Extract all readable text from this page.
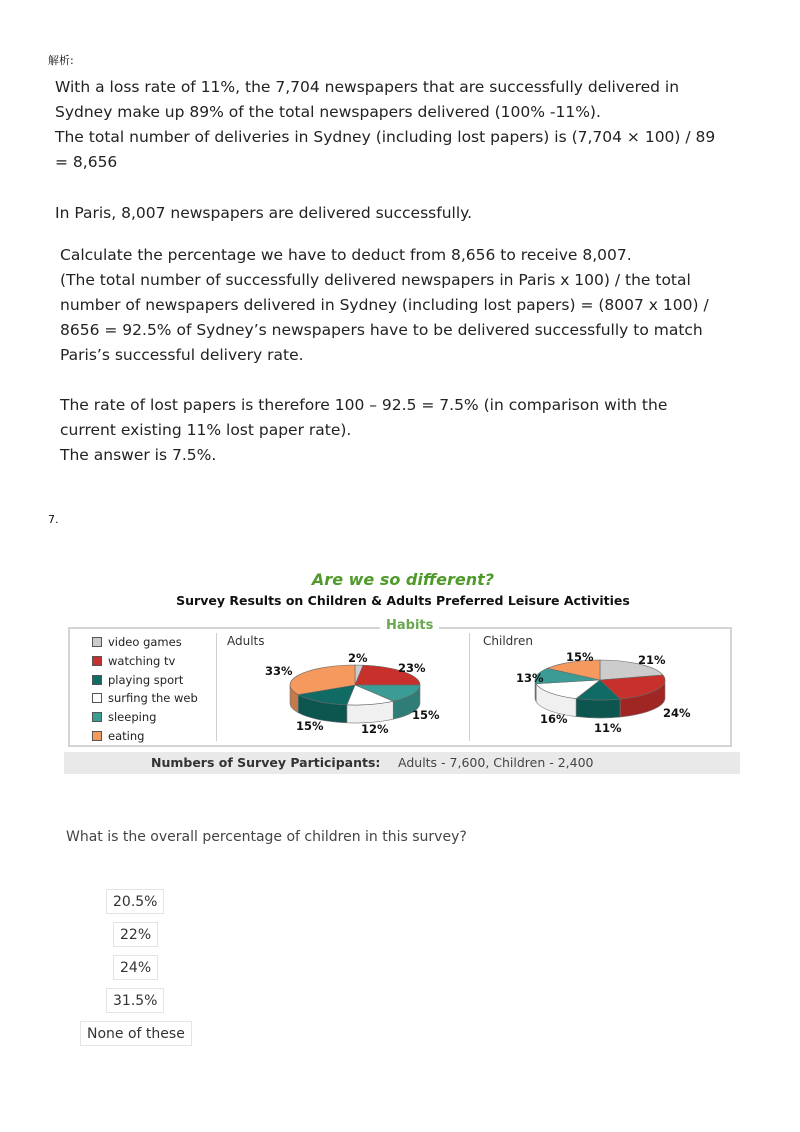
解析:

With a loss rate of 11%, the 7,704 newspapers that are successfully delivered in

Sydney make up 89% of the total newspapers delivered (100% -11%).

The total number of deliveries in Sydney (including lost papers) is (7,704 × 100) / 89

= 8,656

In Paris, 8,007 newspapers are delivered successfully.

Calculate the percentage we have to deduct from 8,656 to receive 8,007.

(The total number of successfully delivered newspapers in Paris x 100) / the total

number of newspapers delivered in Sydney (including lost papers) = (8007 x 100) /

8656 = 92.5% of Sydney’s newspapers have to be delivered successfully to match

Paris’s successful delivery rate.

The rate of lost papers is therefore 100 – 92.5 = 7.5% (in comparison with the

current existing 11% lost paper rate).

The answer is 7.5%.

7.
Are we so different?
Survey Results on Children & Adults Preferred Leisure Activities
Habits
video games
watching tv
playing sport
surfing the web
sleeping
eating
Adults	Children
2%
23%
15%
12%
15%
33%
21%
24%
11%
16%
13%
15%
Numbers of Survey Participants: Adults - 7,600, Children - 2,400
What is the overall percentage of children in this survey?
20.5%
22%
24%
31.5%
None of these
